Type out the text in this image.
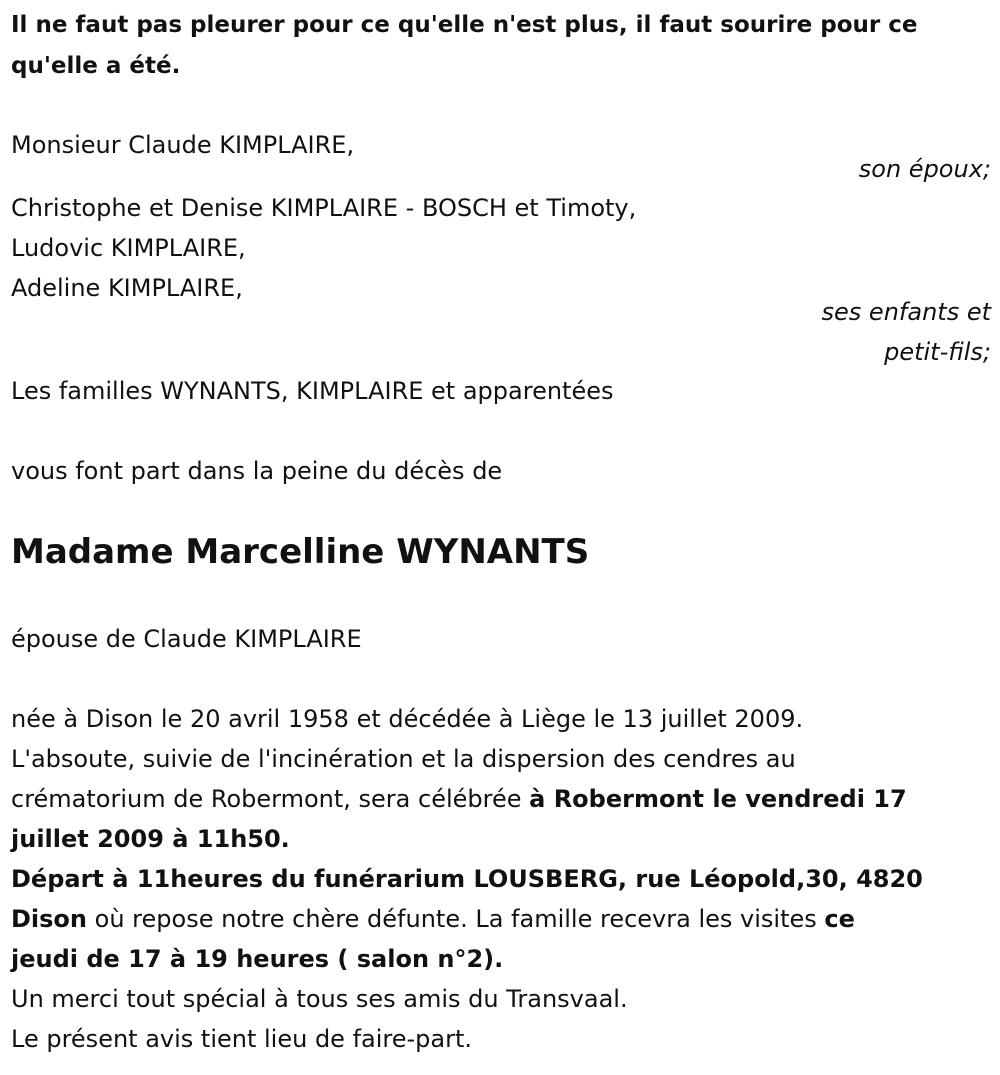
Il ne faut pas pleurer pour ce qu'elle n'est plus, il faut sourire pour ce
qu'elle a été.
Monsieur Claude KIMPLAIRE,
son époux;
Christophe et Denise KIMPLAIRE - BOSCH et Timoty,
Ludovic KIMPLAIRE,
Adeline KIMPLAIRE,
ses enfants et
petit-fils;
Les familles WYNANTS, KIMPLAIRE et apparentées
vous font part dans la peine du décès de
Madame Marcelline WYNANTS
épouse de Claude KIMPLAIRE
née à Dison le 20 avril 1958 et décédée à Liège le 13 juillet 2009.
L'absoute, suivie de l'incinération et la dispersion des cendres au
crématorium de Robermont, sera célébrée à Robermont le vendredi 17
juillet 2009 à 11h50.
Départ à 11heures du funérarium LOUSBERG, rue Léopold,30, 4820
Dison où repose notre chère défunte. La famille recevra les visites ce
jeudi de 17 à 19 heures ( salon n°2).
Un merci tout spécial à tous ses amis du Transvaal.
Le présent avis tient lieu de faire-part.
